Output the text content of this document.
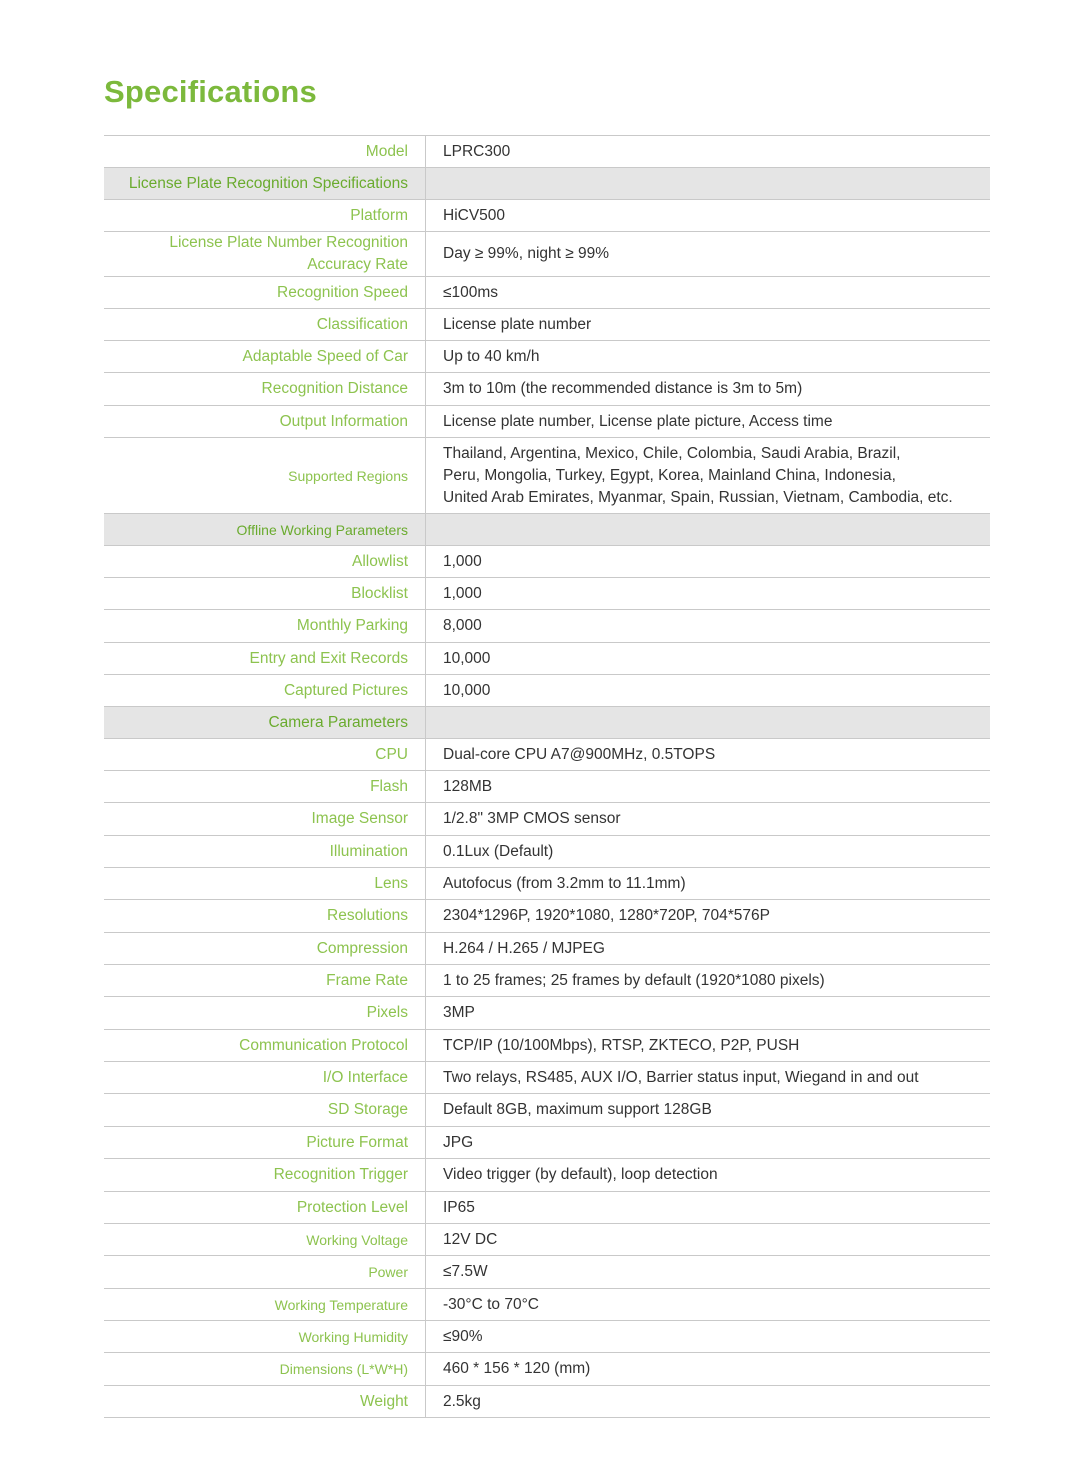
Specifications
Model	LPRC300
License Plate Recognition Specifications	
Platform	HiCV500

License Plate Number Recognition
Accuracy Rate	Day ≥ 99%, night ≥ 99%
Recognition Speed	≤100ms
Classification	License plate number
Adaptable Speed of Car	Up to 40 km/h
Recognition Distance	3m to 10m (the recommended distance is 3m to 5m)
Output Information	License plate number, License plate picture, Access time
Supported Regions	Thailand, Argentina, Mexico, Chile, Colombia, Saudi Arabia, Brazil,
Peru, Mongolia, Turkey, Egypt, Korea, Mainland China, Indonesia,
United Arab Emirates, Myanmar, Spain, Russian, Vietnam, Cambodia, etc.

Offline Working Parameters	
Allowlist	1,000
Blocklist	1,000
Monthly Parking	8,000
Entry and Exit Records	10,000
Captured Pictures	10,000
Camera Parameters	
CPU	Dual-core CPU A7@900MHz, 0.5TOPS
Flash	128MB
Image Sensor	1/2.8" 3MP CMOS sensor
Illumination	0.1Lux (Default)
Lens	Autofocus (from 3.2mm to 11.1mm)
Resolutions	2304*1296P, 1920*1080, 1280*720P, 704*576P
Compression	H.264 / H.265 / MJPEG
Frame Rate	1 to 25 frames; 25 frames by default (1920*1080 pixels)
Pixels	3MP
Communication Protocol	TCP/IP (10/100Mbps), RTSP, ZKTECO, P2P, PUSH
I/O Interface	Two relays, RS485, AUX I/O, Barrier status input, Wiegand in and out
SD Storage	Default 8GB, maximum support 128GB
Picture Format	JPG
Recognition Trigger	Video trigger (by default), loop detection
Protection Level	IP65
Working Voltage	12V DC
Power	≤7.5W
Working Temperature	-30°C to 70°C
Working Humidity	≤90%
Dimensions (L*W*H)	460 * 156 * 120 (mm)
Weight	2.5kg
